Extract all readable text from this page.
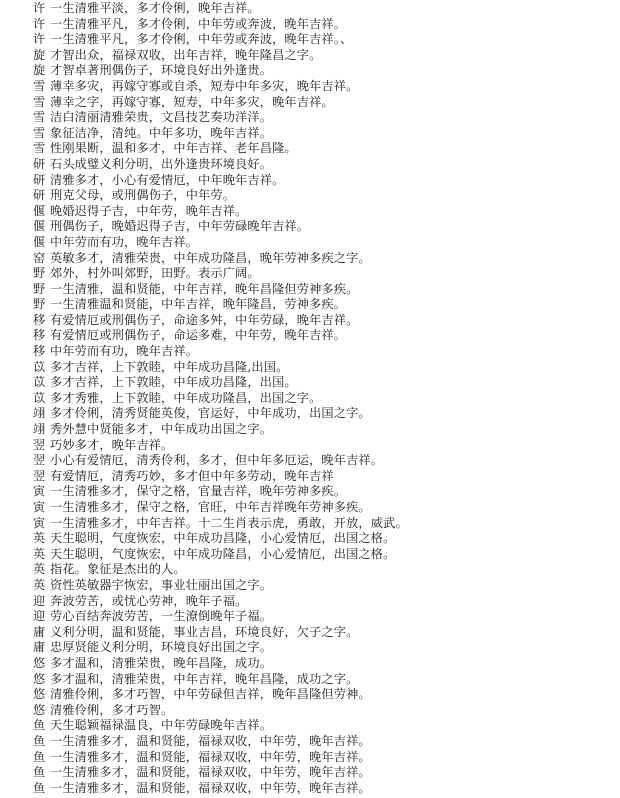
许 一生清雅平淡，多才伶俐，晚年吉祥。
许 一生清雅平凡，多才伶俐，中年劳或奔波，晚年吉祥。
许 一生清雅平凡，多才伶俐，中年劳或奔波，晚年吉祥。、
旋 才智出众，福禄双收，出年吉祥，晚年隆昌之字。
旋 才智卓著刑偶伤子，环境良好出外逢贵。
雪 薄幸多灾，再嫁守寡或自杀，短寿中年多灾，晚年吉祥。
雪 薄幸之字，再嫁守寡，短寿，中年多灾，晚年吉祥。
雪 洁白清丽清雅荣贵，文昌技艺奏功洋洋。
雪 象征洁净，清纯。中年多功，晚年吉祥。
雪 性刚果断，温和多才，中年吉祥、老年昌隆。
研 石头成璧义利分明，出外逢贵环境良好。
研 清雅多才，小心有爱情厄，中年晚年吉祥。
研 刑克父母，或刑偶伤子，中年劳。
偃 晚婚迟得子吉，中年劳，晚年吉祥。
偃 刑偶伤子，晚婚迟得子吉，中年劳碌晚年吉祥。
偃 中年劳而有功，晚年吉祥。
窑 英敏多才，清雅荣贵，中年成功隆昌，晚年劳神多疾之字。
野 郊外，村外叫郊野，田野。表示广阔。
野 一生清雅，温和贤能，中年吉祥，晚年昌隆但劳神多疾。
野 一生清雅温和贤能，中年吉祥，晚年隆昌，劳神多疾。
移 有爱情厄或刑偶伤子，命途多舛，中年劳碌，晚年吉祥。
移 有爱情厄或刑偶伤子，命运多难，中年劳，晚年吉祥。
移 中年劳而有功，晚年吉祥。
苡 多才吉祥，上下敦睦，中年成功昌隆,出国。
苡 多才吉祥，上下敦睦，中年成功昌隆，出国。
苡 多才秀雅，上下敦睦，中年成功隆昌，出国之字。
翊 多才伶俐，清秀贤能英俊，官运好，中年成功，出国之字。
翊 秀外慧中贤能多才，中年成功出国之字。
翌 巧妙多才，晚年吉祥。
翌 小心有爱情厄，清秀伶利，多才，但中年多厄运，晚年吉祥。
翌 有爱情厄，清秀巧妙，多才但中年多劳动，晚年吉祥
寅 一生清雅多才，保守之格，官量吉祥，晚年劳神多疾。
寅 一生清雅多才，保守之格，官旺，中年吉祥晚年劳神多疾。
寅 一生清雅多才，中年吉祥。十二生肖表示虎，勇敢，开放，威武。
英 天生聪明，气度恢宏，中年成功昌隆，小心爱情厄，出国之格。
英 天生聪明，气度恢宏，中年成功隆昌，小心爱情厄，出国之格。
英 指花。象征是杰出的人。
英 资性英敏器宇恢宏，事业壮丽出国之字。
迎 奔波劳苦，或忧心劳神，晚年子福。
迎 劳心百结奔波劳苦，一生潦倒晚年子福。
庸 义利分明，温和贤能，事业吉昌，环境良好，欠子之字。
庸 忠厚贤能义利分明，环境良好出国之字。
悠 多才温和，清雅荣贵，晚年昌隆，成功。
悠 多才温和，清雅荣贵，中年吉祥，晚年昌隆，成功之字。
悠 清雅伶俐，多才巧智，中年劳碌但吉祥，晚年昌隆但劳神。
悠 清雅伶俐，多才巧智。
鱼 天生聪颖福禄温良，中年劳碌晚年吉祥。
鱼 一生清雅多才，温和贤能，福禄双收，中年劳，晚年吉祥。
鱼 一生清雅多才，温和贤能，福禄双收，中年劳，晚年吉祥。
鱼 一生清雅多才，温和贤能，福禄双收，中年劳，晚年吉祥。
鱼 一生清雅多才，温和贤能，福禄双收，中年劳，晚年吉祥。
